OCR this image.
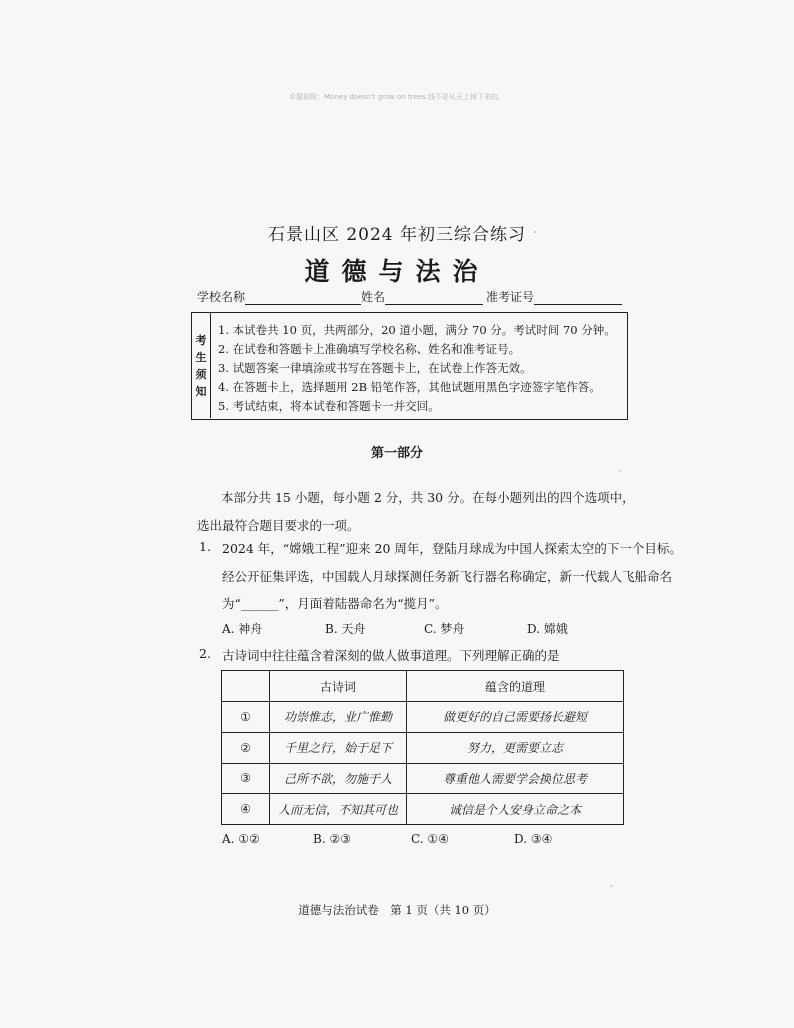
©题前附：Money doesn't grow on trees.钱不是从天上掉下来的。
石景山区 2024 年初三综合练习
道德与法治
学校名称	姓名	准考证号
考
生
须
知
1. 本试卷共 10 页，共两部分，20 道小题，满分 70 分。考试时间 70 分钟。
2. 在试卷和答题卡上准确填写学校名称、姓名和准考证号。
3. 试题答案一律填涂或书写在答题卡上，在试卷上作答无效。
4. 在答题卡上，选择题用 2B 铅笔作答，其他试题用黑色字迹签字笔作答。
5. 考试结束，将本试卷和答题卡一并交回。
第一部分
本部分共 15 小题，每小题 2 分，共 30 分。在每小题列出的四个选项中，选出最符合题目要求的一项。
1. 2024 年，“嫦娥工程”迎来 20 周年，登陆月球成为中国人探索太空的下一个目标。
经公开征集评选，中国载人月球探测任务新飞行器名称确定，新一代载人飞船命名
为“______”，月面着陆器命名为“揽月”。
A. 神舟	B. 天舟	C. 梦舟	D. 嫦娥
2. 古诗词中往往蕴含着深刻的做人做事道理。下列理解正确的是
	古诗词	蕴含的道理
①	功崇惟志，业广惟勤	做更好的自己需要扬长避短
②	千里之行，始于足下	努力，更需要立志
③	己所不欲，勿施于人	尊重他人需要学会换位思考
④	人而无信，不知其可也	诚信是个人安身立命之本
A. ①②	B. ②③	C. ①④	D. ③④
道德与法治试卷　第 1 页（共 10 页）
·
-
-
